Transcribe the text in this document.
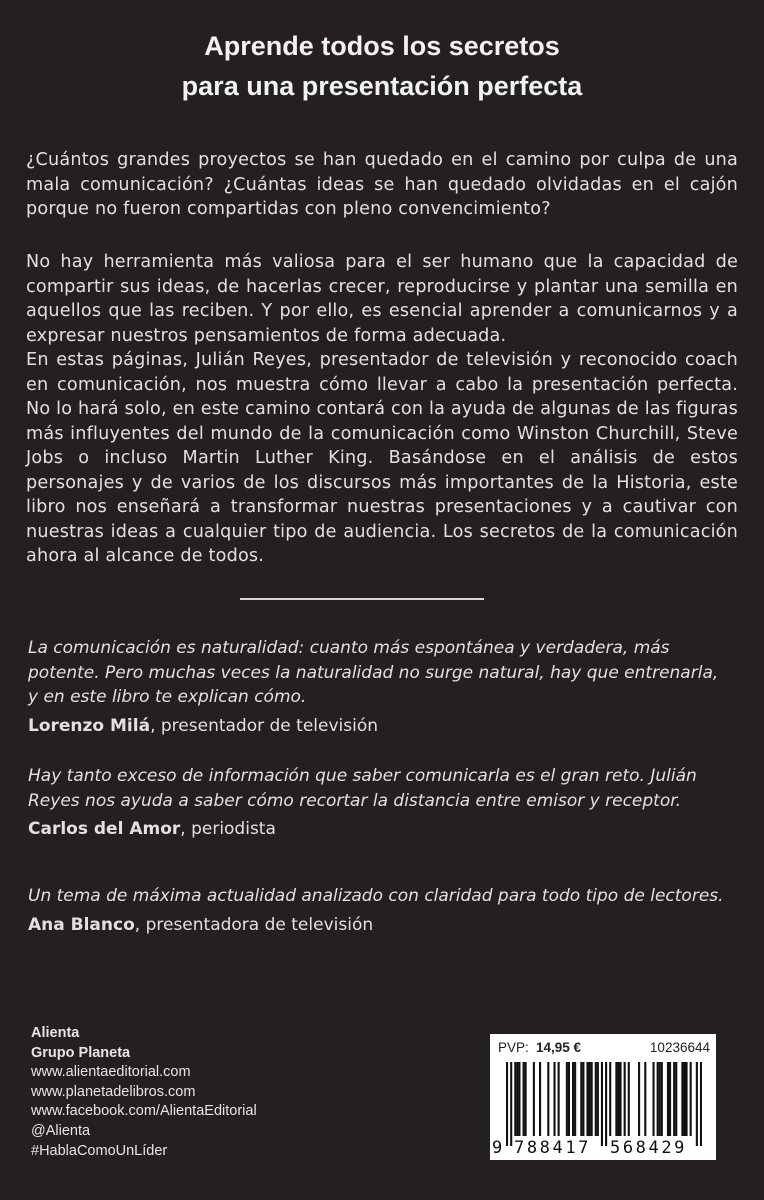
Aprende todos los secretos
para una presentación perfecta
¿Cuántos grandes proyectos se han quedado en el camino por culpa de una mala comunicación? ¿Cuántas ideas se han quedado olvidadas en el cajón porque no fueron compartidas con pleno convencimiento?
No hay herramienta más valiosa para el ser humano que la capacidad de compartir sus ideas, de hacerlas crecer, reproducirse y plantar una semilla en aquellos que las reciben. Y por ello, es esencial aprender a comunicarnos y a expresar nuestros pensamientos de forma adecuada.
En estas páginas, Julián Reyes, presentador de televisión y reconocido coach en comunicación, nos muestra cómo llevar a cabo la presentación perfecta. No lo hará solo, en este camino contará con la ayuda de algunas de las figuras más influyentes del mundo de la comunicación como Winston Churchill, Steve Jobs o incluso Martin Luther King. Basándose en el análisis de estos personajes y de varios de los discursos más importantes de la Historia, este libro nos enseñará a transformar nuestras presentaciones y a cautivar con nuestras ideas a cualquier tipo de audiencia. Los secretos de la comunicación ahora al alcance de todos.
La comunicación es naturalidad: cuanto más espontánea y verdadera, más potente. Pero muchas veces la naturalidad no surge natural, hay que entrenarla, y en este libro te explican cómo.
Lorenzo Milá, presentador de televisión
Hay tanto exceso de información que saber comunicarla es el gran reto. Julián Reyes nos ayuda a saber cómo recortar la distancia entre emisor y receptor.
Carlos del Amor, periodista
Un tema de máxima actualidad analizado con claridad para todo tipo de lectores.
Ana Blanco, presentadora de televisión
Alienta
Grupo Planeta
www.alientaeditorial.com
www.planetadelibros.com
www.facebook.com/AlientaEditorial
@Alienta
#HablaComoUnLíder
PVP: 14,95 €	10236644
9 788417 568429
